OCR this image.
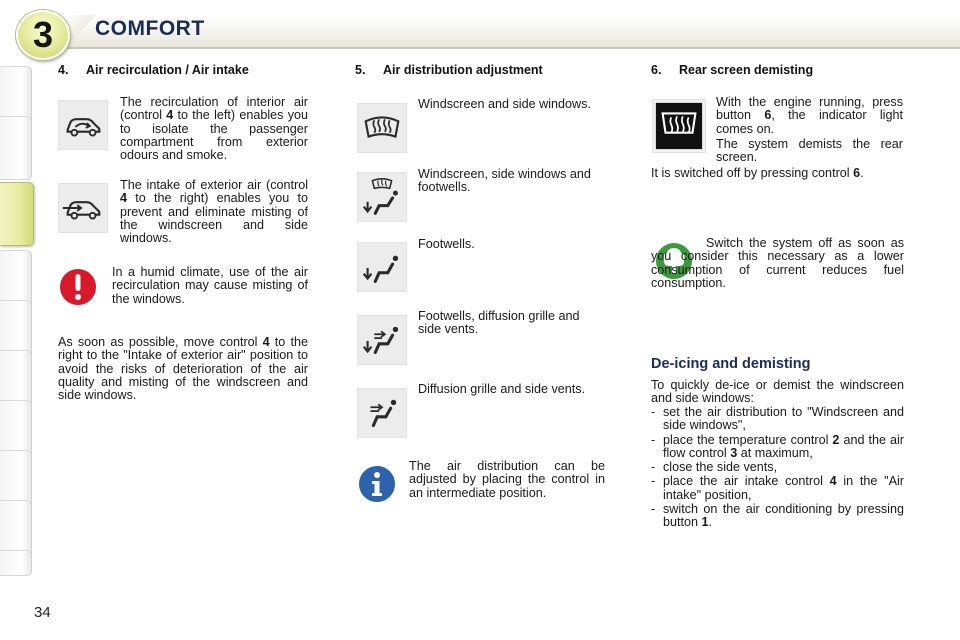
3	COMFORT
4. Air recirculation / Air intake
The recirculation of interior air (control 4 to the left) enables you to isolate the passenger compartment from exterior odours and smoke.
The intake of exterior air (control 4 to the right) enables you to prevent and eliminate misting of the windscreen and side windows.
In a humid climate, use of the air recirculation may cause misting of the windows.
As soon as possible, move control 4 to the right to the "Intake of exterior air" position to avoid the risks of deterioration of the air quality and misting of the windscreen and side windows.
5. Air distribution adjustment
Windscreen and side windows.
Windscreen, side windows and footwells.
Footwells.
Footwells, diffusion grille and side vents.
Diffusion grille and side vents.
The air distribution can be adjusted by placing the control in an intermediate position.
6. Rear screen demisting
With the engine running, press button 6, the indicator light comes on.
The system demists the rear screen.
It is switched off by pressing control 6.
Switch the system off as soon as you consider this necessary as a lower consumption of current reduces fuel consumption.
De-icing and demisting
To quickly de-ice or demist the windscreen and side windows:
- set the air distribution to "Windscreen and side windows",
- place the temperature control 2 and the air flow control 3 at maximum,
- close the side vents,
- place the air intake control 4 in the "Air intake" position,
- switch on the air conditioning by pressing button 1.
34
